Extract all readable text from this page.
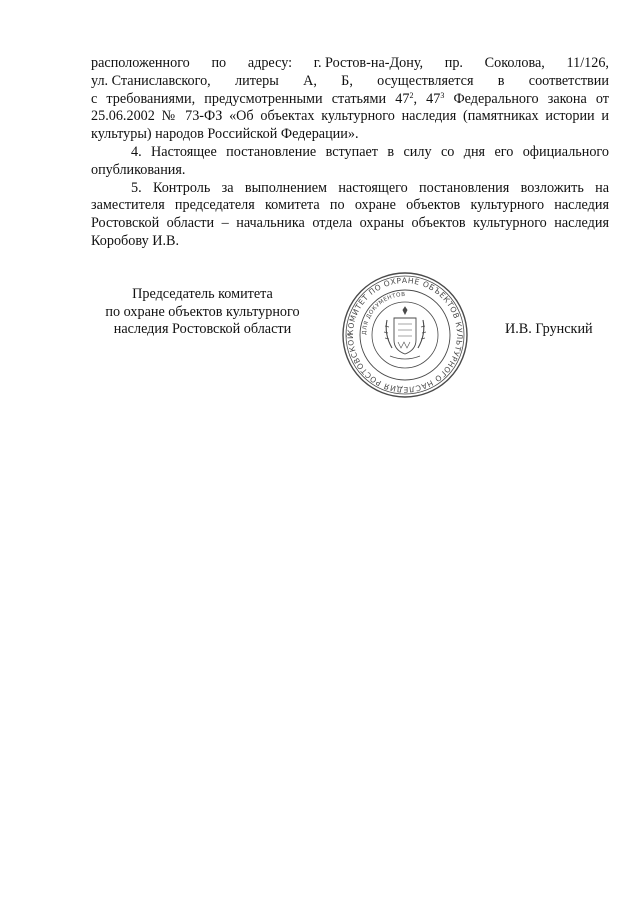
расположенного по адресу: г. Ростов-на-Дону, пр. Соколова, 11/126,
ул. Станиславского, литеры А, Б, осуществляется в соответствии
с требованиями, предусмотренными статьями $47^2$, $47^3$ Федерального закона от 25.06.2002 № 73-ФЗ «Об объектах культурного наследия (памятниках истории и культуры) народов Российской Федерации».

4. Настоящее постановление вступает в силу со дня его официального опубликования.

5. Контроль за выполнением настоящего постановления возложить на заместителя председателя комитета по охране объектов культурного наследия Ростовской области – начальника отдела охраны объектов культурного наследия Коробову И.В.

Председатель комитета
по охране объектов культурного
наследия Ростовской области	КОМИТЕТ ПО ОХРАНЕ ОБЪЕКТОВ КУЛЬТУРНОГО НАСЛЕДИЯ РОСТОВСКОЙ	ДЛЯ ДОКУМЕНТОВ
И.В. Грунский
